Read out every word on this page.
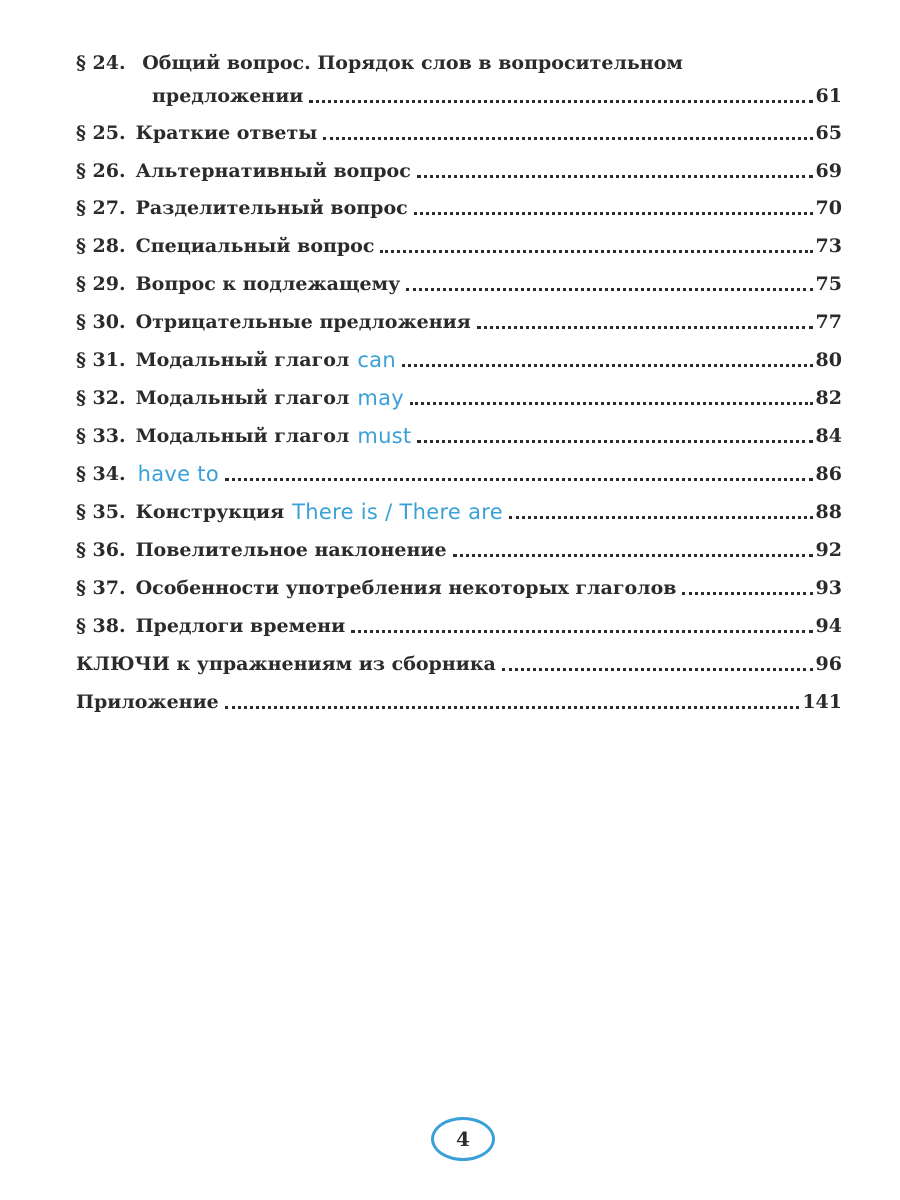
§ 24. Общий вопрос. Порядок слов в вопросительном
предложении	61
§ 25. Краткие ответы	65
§ 26. Альтернативный вопрос	69
§ 27. Разделительный вопрос	70
§ 28. Специальный вопрос	73
§ 29. Вопрос к подлежащему	75
§ 30. Отрицательные предложения	77
§ 31. Модальный глагол can	80
§ 32. Модальный глагол may	82
§ 33. Модальный глагол must	84
§ 34. have to	86
§ 35. Конструкция There is / There are	88
§ 36. Повелительное наклонение	92
§ 37. Особенности употребления некоторых глаголов	93
§ 38. Предлоги времени	94
КЛЮЧИ к упражнениям из сборника	96
Приложение	141
4
